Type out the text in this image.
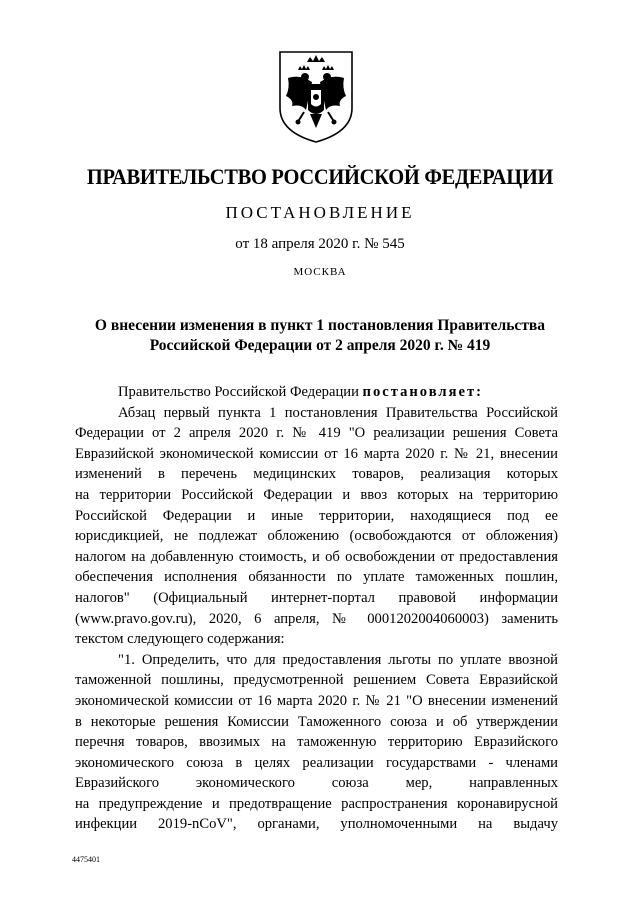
ПРАВИТЕЛЬСТВО РОССИЙСКОЙ ФЕДЕРАЦИИ
ПОСТАНОВЛЕНИЕ
от 18 апреля 2020 г. № 545
МОСКВА
О внесении изменения в пункт 1 постановления Правительства
Российской Федерации от 2 апреля 2020 г. № 419

Правительство Российской Федерации постановляет:

Абзац первый пункта 1 постановления Правительства Российской

Федерации от 2 апреля 2020 г. № 419 "О реализации решения Совета

Евразийской экономической комиссии от 16 марта 2020 г. № 21, внесении

изменений в перечень медицинских товаров, реализация которых

на территории Российской Федерации и ввоз которых на территорию

Российской Федерации и иные территории, находящиеся под ее

юрисдикцией, не подлежат обложению (освобождаются от обложения)

налогом на добавленную стоимость, и об освобождении от предоставления

обеспечения исполнения обязанности по уплате таможенных пошлин,

налогов" (Официальный интернет-портал правовой информации

(www.pravo.gov.ru), 2020, 6 апреля, № 0001202004060003) заменить

текстом следующего содержания:

"1. Определить, что для предоставления льготы по уплате ввозной

таможенной пошлины, предусмотренной решением Совета Евразийской

экономической комиссии от 16 марта 2020 г. № 21 "О внесении изменений

в некоторые решения Комиссии Таможенного союза и об утверждении

перечня товаров, ввозимых на таможенную территорию Евразийского

экономического союза в целях реализации государствами - членами

Евразийского экономического союза мер, направленных

на предупреждение и предотвращение распространения коронавирусной

инфекции 2019-nCoV", органами, уполномоченными на выдачу

4475401
